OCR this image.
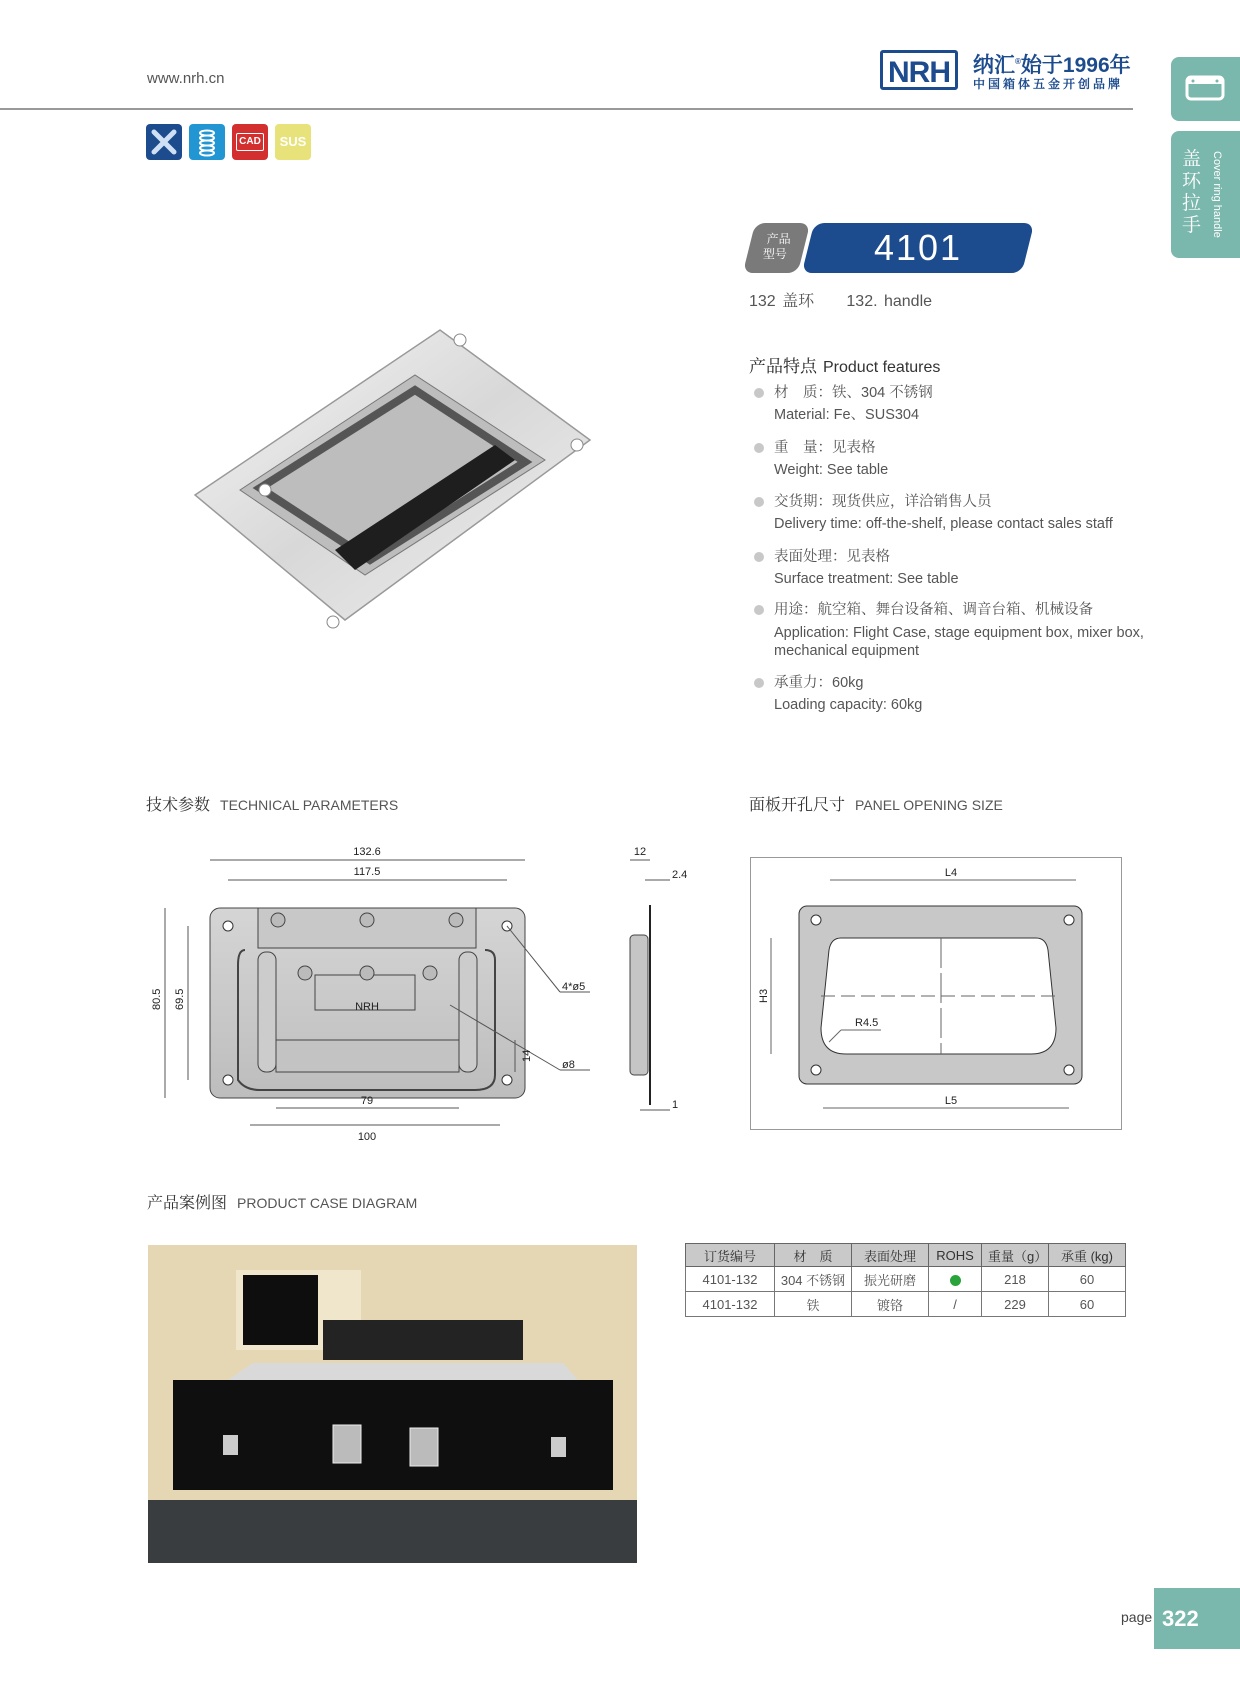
www.nrh.cn	NRH	纳汇®始于1996年
中国箱体五金开创品牌
盖环拉手 Cover ring handle
CAD	SUS
产品
型号	4101
132 盖环 132. handle
产品特点 Product features
材　质：铁、304 不锈钢
Material: Fe、SUS304
重　量：见表格
Weight: See table
交货期：现货供应，详洽销售人员
Delivery time: off-the-shelf, please contact sales staff
表面处理：见表格
Surface treatment: See table
用途：航空箱、舞台设备箱、调音台箱、机械设备
Application: Flight Case, stage equipment box, mixer box, mechanical equipment
承重力：60kg
Loading capacity: 60kg
技术参数 TECHNICAL PARAMETERS
NRH
132.6
117.5
80.5 69.5
4*ø5
14
ø8
79
100
12
2.4
1
面板开孔尺寸 PANEL OPENING SIZE
L4
L5
H3
R4.5
产品案例图 PRODUCT CASE DIAGRAM
订货编号	材　质	表面处理	ROHS	重量（g）	承重 (kg)
4101-132	304 不锈钢	振光研磨		218	60
4101-132	铁	镀铬	/	229	60
page 322
